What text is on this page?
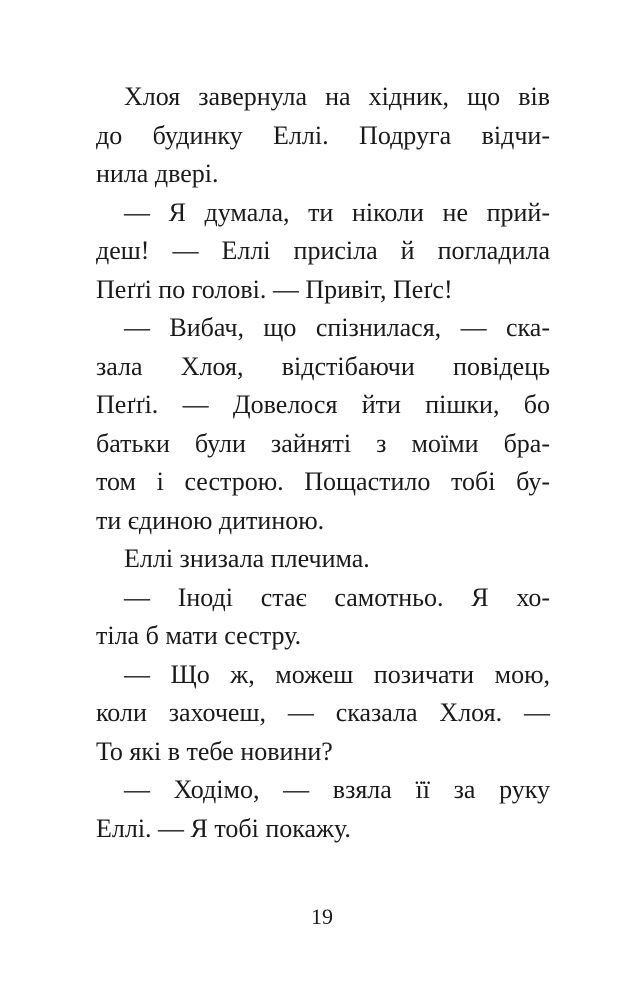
Хлоя завернула на хідник, що вів
до будинку Еллі. Подруга відчи-
нила двері.
— Я думала, ти ніколи не прий-
деш! — Еллі присіла й погладила
Пеґґі по голові. — Привіт, Пеґс!
— Вибач, що спізнилася, — ска-
зала Хлоя, відстібаючи повідець
Пеґґі. — Довелося йти пішки, бо
батьки були зайняті з моїми бра-
том і сестрою. Пощастило тобі бу-
ти єдиною дитиною.
Еллі знизала плечима.
— Іноді стає самотньо. Я хо-
тіла б мати сестру.
— Що ж, можеш позичати мою,
коли захочеш, — сказала Хлоя. —
То які в тебе новини?
— Ходімо, — взяла її за руку
Еллі. — Я тобі покажу.
19
